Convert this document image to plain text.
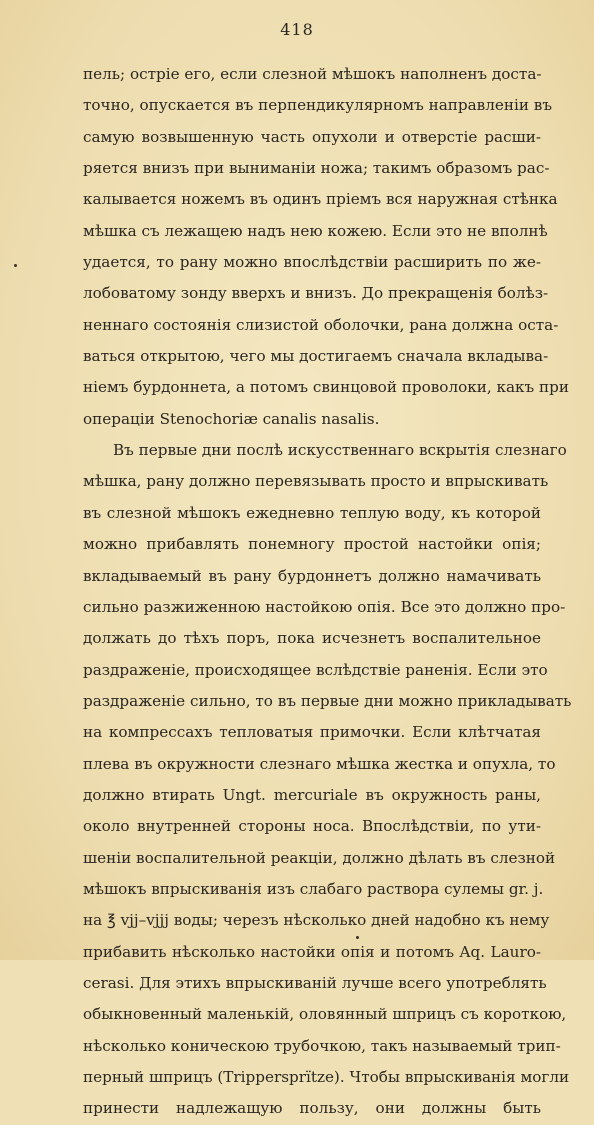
418
пель; остріе его, если слезной мѣшокъ наполненъ доста-
точно, опускается въ перпендикулярномъ направленіи въ
самую возвышенную часть опухоли и отверстіе расши-
ряется внизъ при выниманіи ножа; такимъ образомъ рас-
калывается ножемъ въ одинъ пріемъ вся наружная стѣнка
мѣшка съ лежащею надъ нею кожею. Если это не вполнѣ
удается, то рану можно впослѣдствіи расширить по же-
лобоватому зонду вверхъ и внизъ. До прекращенія болѣз-
неннаго состоянія слизистой оболочки, рана должна оста-
ваться открытою, чего мы достигаемъ сначала вкладыва-
ніемъ бурдоннета, а потомъ свинцовой проволоки, какъ при
операціи Stenochoriæ canalis nasalis.
Въ первые дни послѣ искусственнаго вскрытія слезнаго
мѣшка, рану должно перевязывать просто и впрыскивать
въ слезной мѣшокъ ежедневно теплую воду, къ которой
можно прибавлять понемногу простой настойки опія;
вкладываемый въ рану бурдоннетъ должно намачивать
сильно разжиженною настойкою опія. Все это должно про-
должать до тѣхъ поръ, пока исчезнетъ воспалительное
раздраженіе, происходящее вслѣдствіе раненія. Если это
раздраженіе сильно, то въ первые дни можно прикладывать
на компрессахъ тепловатыя примочки. Если клѣтчатая
плева въ окружности слезнаго мѣшка жестка и опухла, то
должно втирать Ungt. mercuriale въ окружность раны,
около внутренней стороны носа. Впослѣдствіи, по ути-
шеніи воспалительной реакціи, должно дѣлать въ слезной
мѣшокъ впрыскиванія изъ слабаго раствора сулемы gr. j.
на ℥ vjj–vjjj воды; черезъ нѣсколько дней надобно къ нему
прибавить нѣсколько настойки опія и потомъ Aq. Lauro-
cerasi. Для этихъ впрыскиваній лучше всего употреблять
обыкновенный маленькій, оловянный шприцъ съ короткою,
нѣсколько коническою трубочкою, такъ называемый трип-
перный шприцъ (Trippersprïtze). Чтобы впрыскиванія могли
принести надлежащую пользу, они должны быть
